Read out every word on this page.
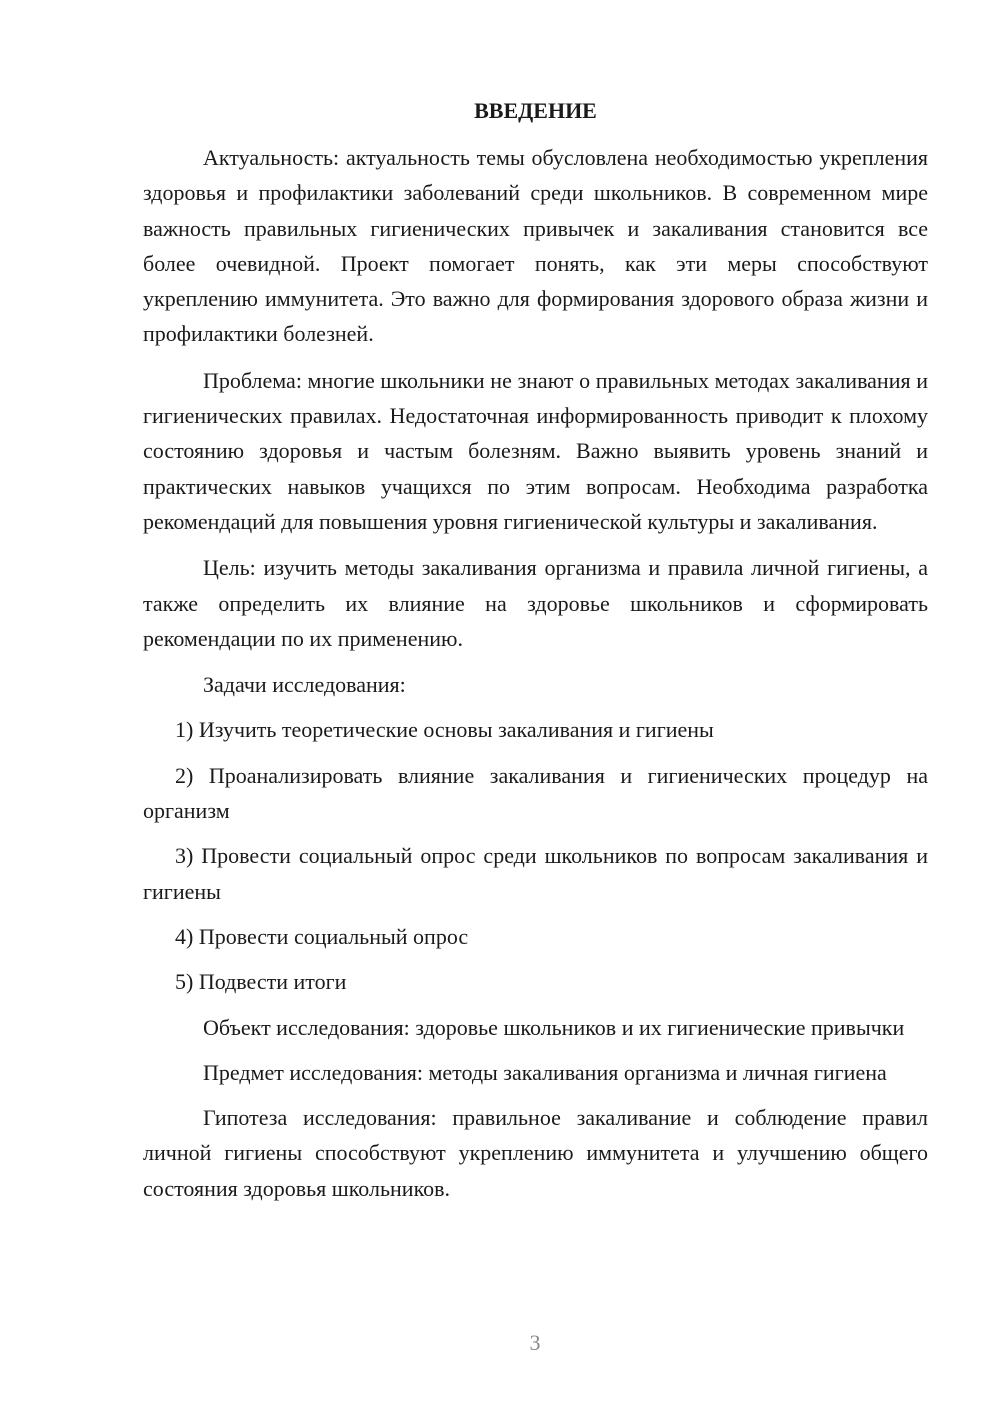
ВВЕДЕНИЕ

Актуальность: актуальность темы обусловлена необходимостью укрепления здоровья и профилактики заболеваний среди школьников. В современном мире важность правильных гигиенических привычек и закаливания становится все более очевидной. Проект помогает понять, как эти меры способствуют укреплению иммунитета. Это важно для формирования здорового образа жизни и профилактики болезней.

Проблема: многие школьники не знают о правильных методах закаливания и гигиенических правилах. Недостаточная информированность приводит к плохому состоянию здоровья и частым болезням. Важно выявить уровень знаний и практических навыков учащихся по этим вопросам. Необходима разработка рекомендаций для повышения уровня гигиенической культуры и закаливания.

Цель: изучить методы закаливания организма и правила личной гигиены, а также определить их влияние на здоровье школьников и сформировать рекомендации по их применению.

Задачи исследования:

1) Изучить теоретические основы закаливания и гигиены

2) Проанализировать влияние закаливания и гигиенических процедур на организм

3) Провести социальный опрос среди школьников по вопросам закаливания и гигиены

4) Провести социальный опрос

5) Подвести итоги

Объект исследования: здоровье школьников и их гигиенические привычки

Предмет исследования: методы закаливания организма и личная гигиена

Гипотеза исследования: правильное закаливание и соблюдение правил личной гигиены способствуют укреплению иммунитета и улучшению общего состояния здоровья школьников.

3
